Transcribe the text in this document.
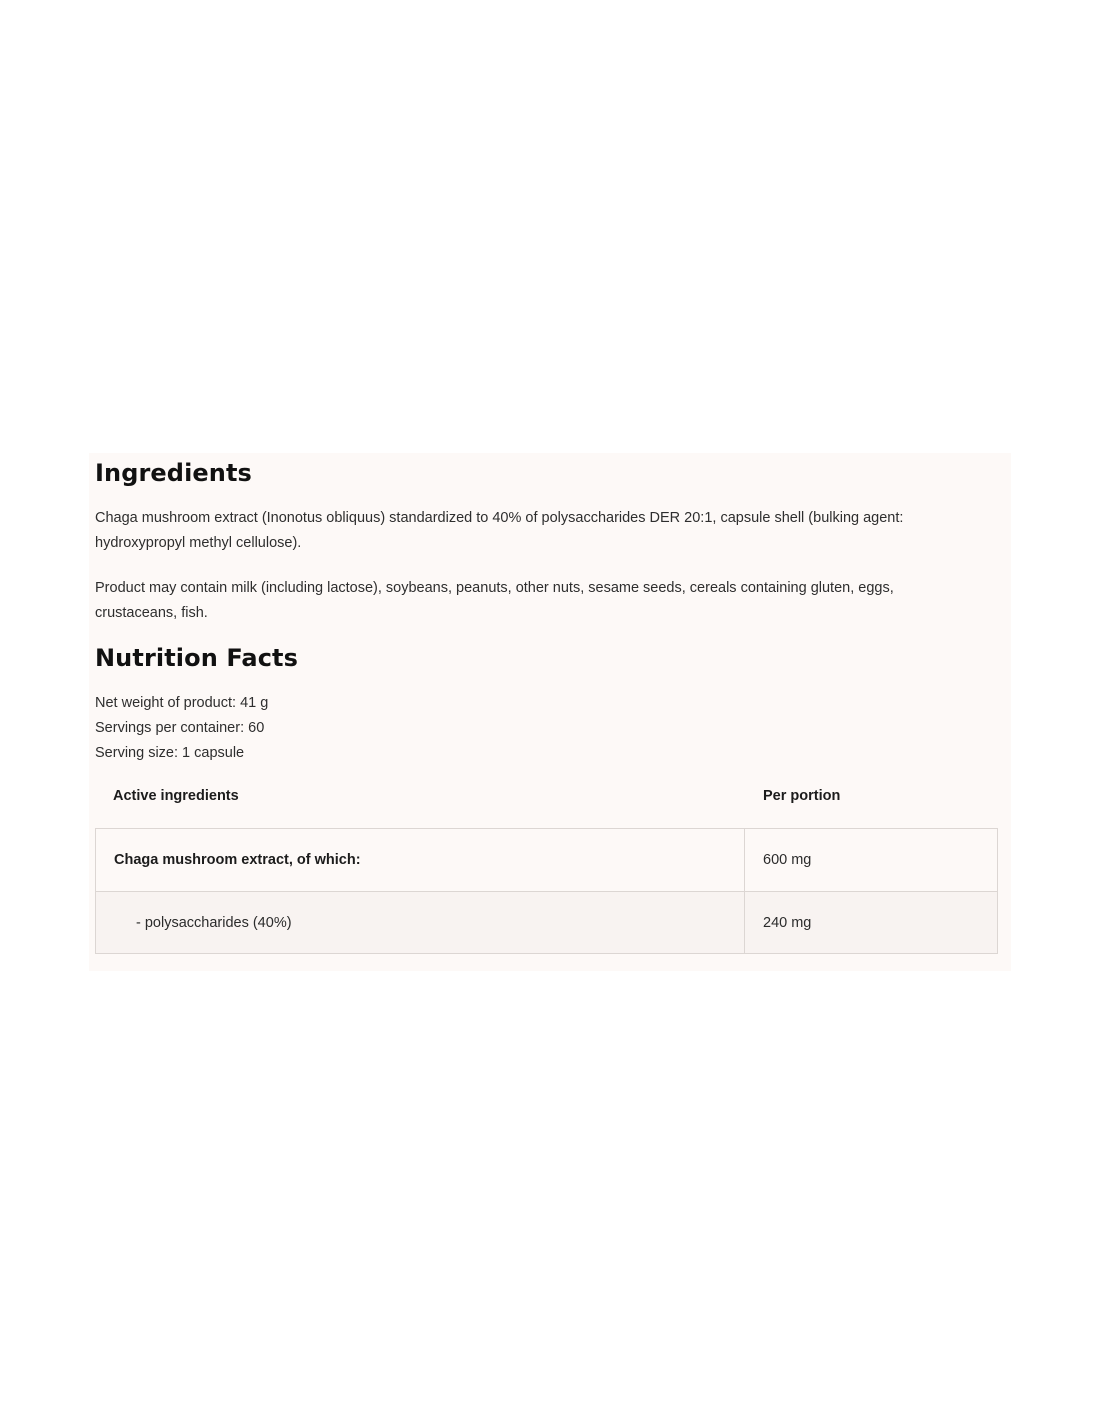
Ingredients

Chaga mushroom extract (Inonotus obliquus) standardized to 40% of polysaccharides DER 20:1, capsule shell (bulking agent: hydroxypropyl methyl cellulose).

Product may contain milk (including lactose), soybeans, peanuts, other nuts, sesame seeds, cereals containing gluten, eggs, crustaceans, fish.

Nutrition Facts

Net weight of product: 41 g

Servings per container: 60

Serving size: 1 capsule

Active ingredients	Per portion
Chaga mushroom extract, of which:	600 mg
- polysaccharides (40%)	240 mg
